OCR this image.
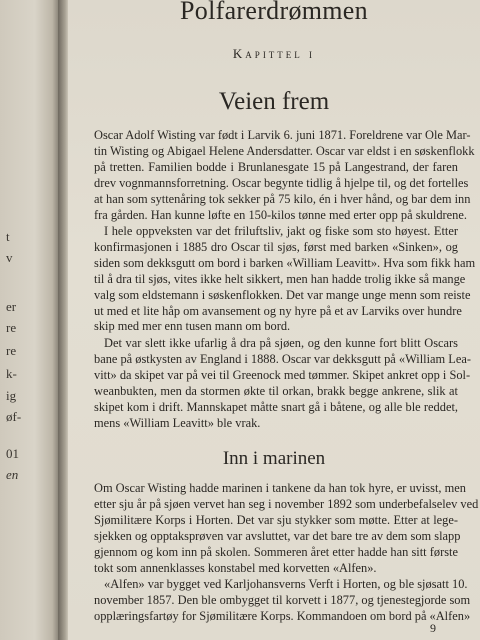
t
v
er
re
re
k-
ig
øf-
01
en
Polfarerdrømmen
Kapittel i
Veien frem

Oscar Adolf Wisting var født i Larvik 6. juni 1871. Foreldrene var Ole Mar-
tin Wisting og Abigael Helene Andersdatter. Oscar var eldst i en søskenflokk
på tretten. Familien bodde i Brunlanesgate 15 på Langestrand, der faren
drev vognmannsforretning. Oscar begynte tidlig å hjelpe til, og det fortelles
at han som syttenåring tok sekker på 75 kilo, én i hver hånd, og bar dem inn
fra gården. Han kunne løfte en 150-kilos tønne med erter opp på skuldrene.

I hele oppveksten var det friluftsliv, jakt og fiske som sto høyest. Etter
konfirmasjonen i 1885 dro Oscar til sjøs, først med barken «Sinken», og
siden som dekksgutt om bord i barken «William Leavitt». Hva som fikk ham
til å dra til sjøs, vites ikke helt sikkert, men han hadde trolig ikke så mange
valg som eldstemann i søskenflokken. Det var mange unge menn som reiste
ut med et lite håp om avansement og ny hyre på et av Larviks over hundre
skip med mer enn tusen mann om bord.

Det var slett ikke ufarlig å dra på sjøen, og den kunne fort blitt Oscars
bane på østkysten av England i 1888. Oscar var dekksgutt på «William Lea-
vitt» da skipet var på vei til Greenock med tømmer. Skipet ankret opp i Sol-
weanbukten, men da stormen økte til orkan, brakk begge ankrene, slik at
skipet kom i drift. Mannskapet måtte snart gå i båtene, og alle ble reddet,
mens «William Leavitt» ble vrak.

Inn i marinen

Om Oscar Wisting hadde marinen i tankene da han tok hyre, er uvisst, men
etter sju år på sjøen vervet han seg i november 1892 som underbefalselev ved
Sjømilitære Korps i Horten. Det var sju stykker som møtte. Etter at lege-
sjekken og opptaksprøven var avsluttet, var det bare tre av dem som slapp
gjennom og kom inn på skolen. Sommeren året etter hadde han sitt første
tokt som annenklasses konstabel med korvetten «Alfen».

«Alfen» var bygget ved Karljohansverns Verft i Horten, og ble sjøsatt 10.
november 1857. Den ble ombygget til korvett i 1877, og tjenestegjorde som
opplæringsfartøy for Sjømilitære Korps. Kommandoen om bord på «Alfen»

9
